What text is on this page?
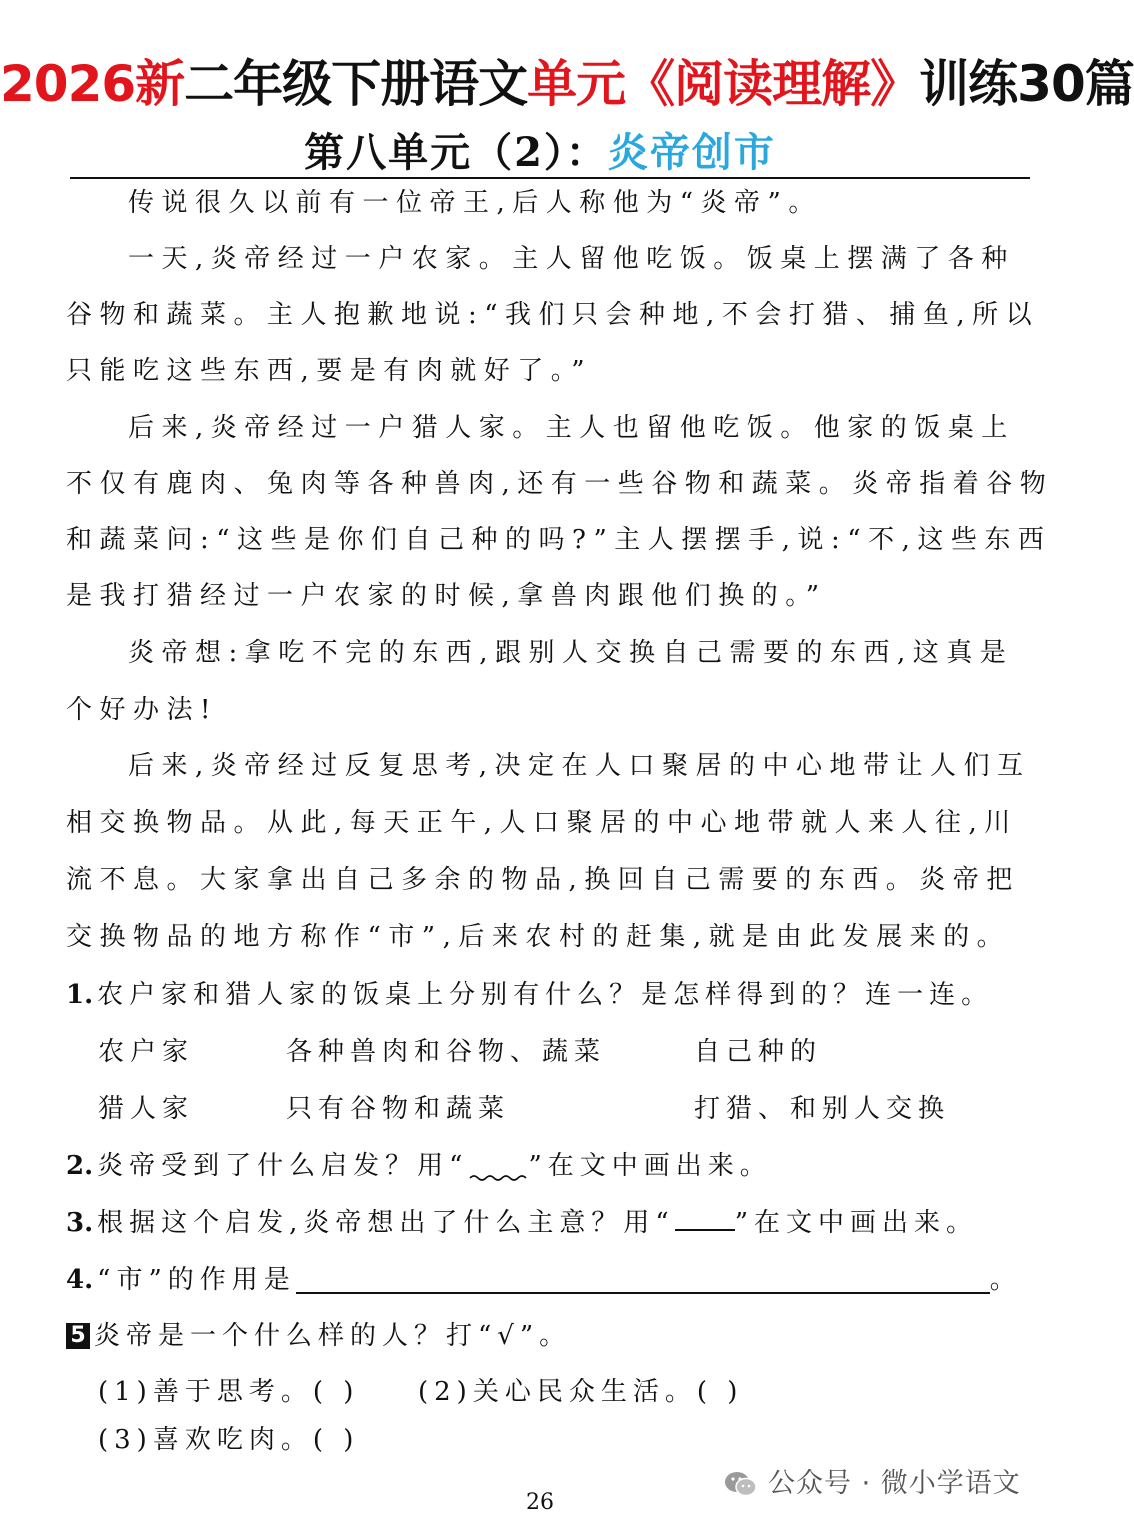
2026新二年级下册语文单元《阅读理解》训练30篇
第八单元（2）：炎帝创市
传说很久以前有一位帝王,后人称他为“炎帝”。
一天,炎帝经过一户农家。主人留他吃饭。饭桌上摆满了各种
谷物和蔬菜。主人抱歉地说:“我们只会种地,不会打猎、捕鱼,所以
只能吃这些东西,要是有肉就好了。”
后来,炎帝经过一户猎人家。主人也留他吃饭。他家的饭桌上
不仅有鹿肉、兔肉等各种兽肉,还有一些谷物和蔬菜。炎帝指着谷物
和蔬菜问:“这些是你们自己种的吗?”主人摆摆手,说:“不,这些东西
是我打猎经过一户农家的时候,拿兽肉跟他们换的。”
炎帝想:拿吃不完的东西,跟别人交换自己需要的东西,这真是
个好办法!
后来,炎帝经过反复思考,决定在人口聚居的中心地带让人们互
相交换物品。从此,每天正午,人口聚居的中心地带就人来人往,川
流不息。大家拿出自己多余的物品,换回自己需要的东西。炎帝把
交换物品的地方称作“市”,后来农村的赶集,就是由此发展来的。
1. 农户家和猎人家的饭桌上分别有什么？是怎样得到的？连一连。
农户家	各种兽肉和谷物、蔬菜	自己种的
猎人家	只有谷物和蔬菜	打猎、和别人交换
2. 炎帝受到了什么启发？用“ ”在文中画出来。
3. 根据这个启发,炎帝想出了什么主意？用“ ”在文中画出来。
4. “市”的作用是	。
5 炎帝是一个什么样的人？打“√”。
(1)善于思考。( ) (2)关心民众生活。( )
(3)喜欢吃肉。( )
26
公众号 · 微小学语文
